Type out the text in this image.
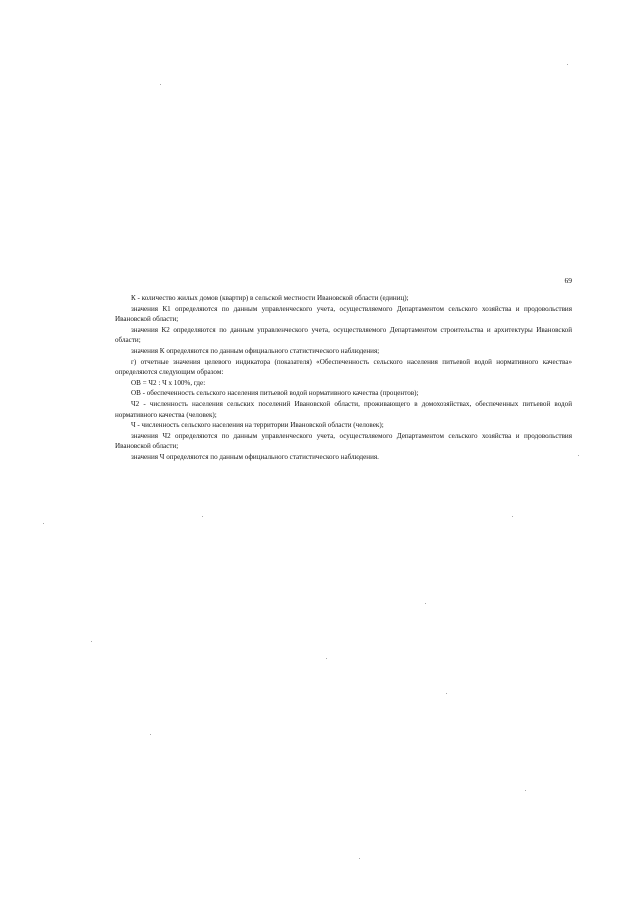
69

К - количество жилых домов (квартир) в сельской местности Ивановской области (единиц);

значения К1 определяются по данным управленческого учета, осуществляемого Департаментом сельского хозяйства и продовольствия Ивановской области;

значения К2 определяются по данным управленческого учета, осуществляемого Департаментом строительства и архитектуры Ивановской области;

значения К определяются по данным официального статистического наблюдения;

г) отчетные значения целевого индикатора (показателя) «Обеспеченность сельского населения питьевой водой нормативного качества» определяются следующим образом:

ОВ = Ч2 : Ч х 100%, где:

ОВ - обеспеченность сельского населения питьевой водой нормативного качества (процентов);

Ч2 - численность населения сельских поселений Ивановской области, проживающего в домохозяйствах, обеспеченных питьевой водой нормативного качества (человек);

Ч - численность сельского населения на территории Ивановской области (человек);

значения Ч2 определяются по данным управленческого учета, осуществляемого Департаментом сельского хозяйства и продовольствия Ивановской области;

значения Ч определяются по данным официального статистического наблюдения.
